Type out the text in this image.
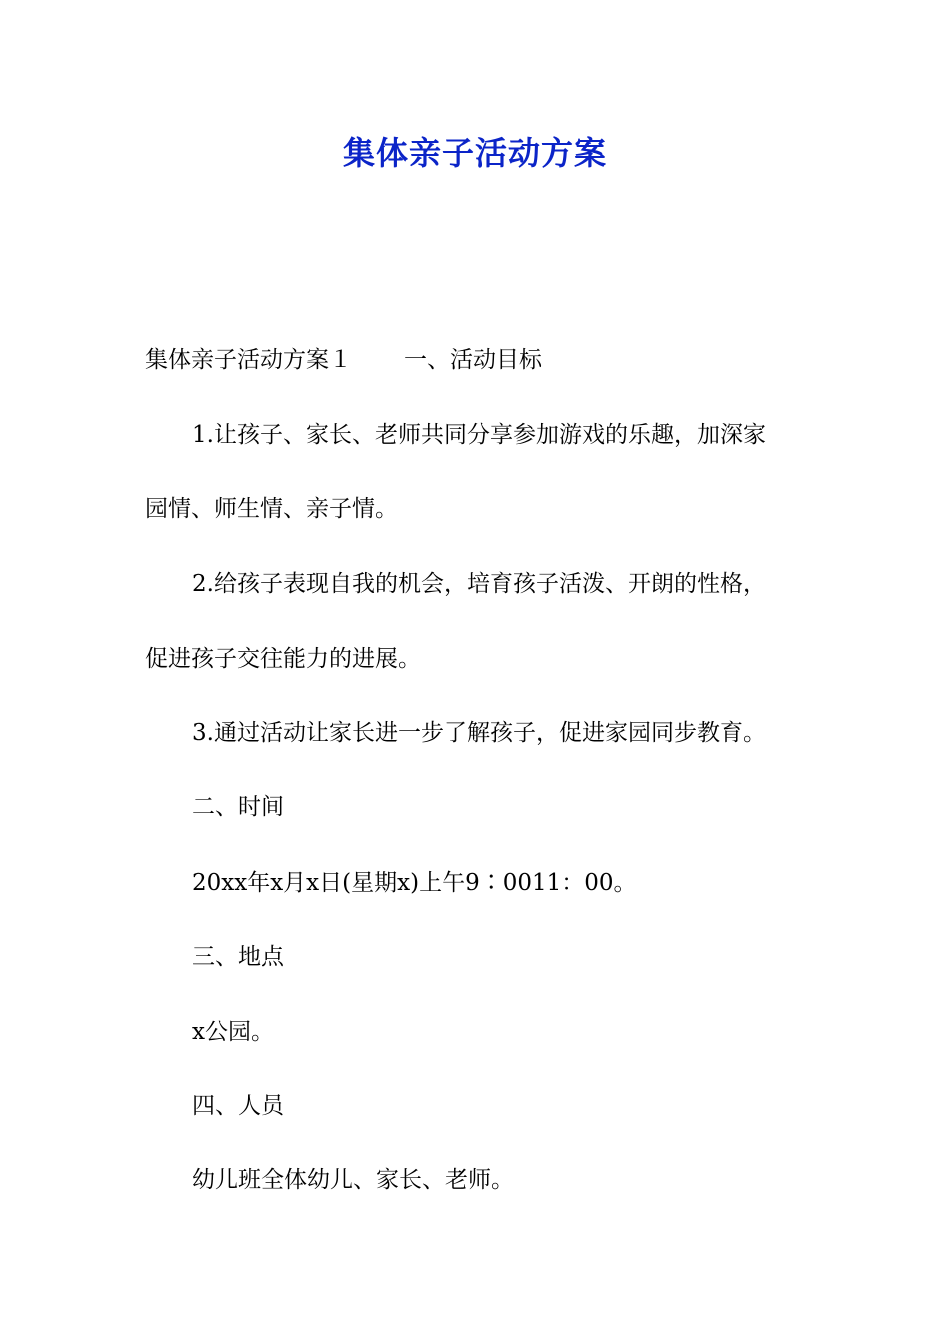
集体亲子活动方案
集体亲子活动方案１ 一、活动目标
1.让孩子、家长、老师共同分享参加游戏的乐趣，加深家
园情、师生情、亲子情。
2.给孩子表现自我的机会，培育孩子活泼、开朗的性格，
促进孩子交往能力的进展。
3.通过活动让家长进一步了解孩子，促进家园同步教育。
二、时间
20xx年x月x日(星期x)上午9∶0011：00。
三、地点
x公园。
四、人员
幼儿班全体幼儿、家长、老师。
